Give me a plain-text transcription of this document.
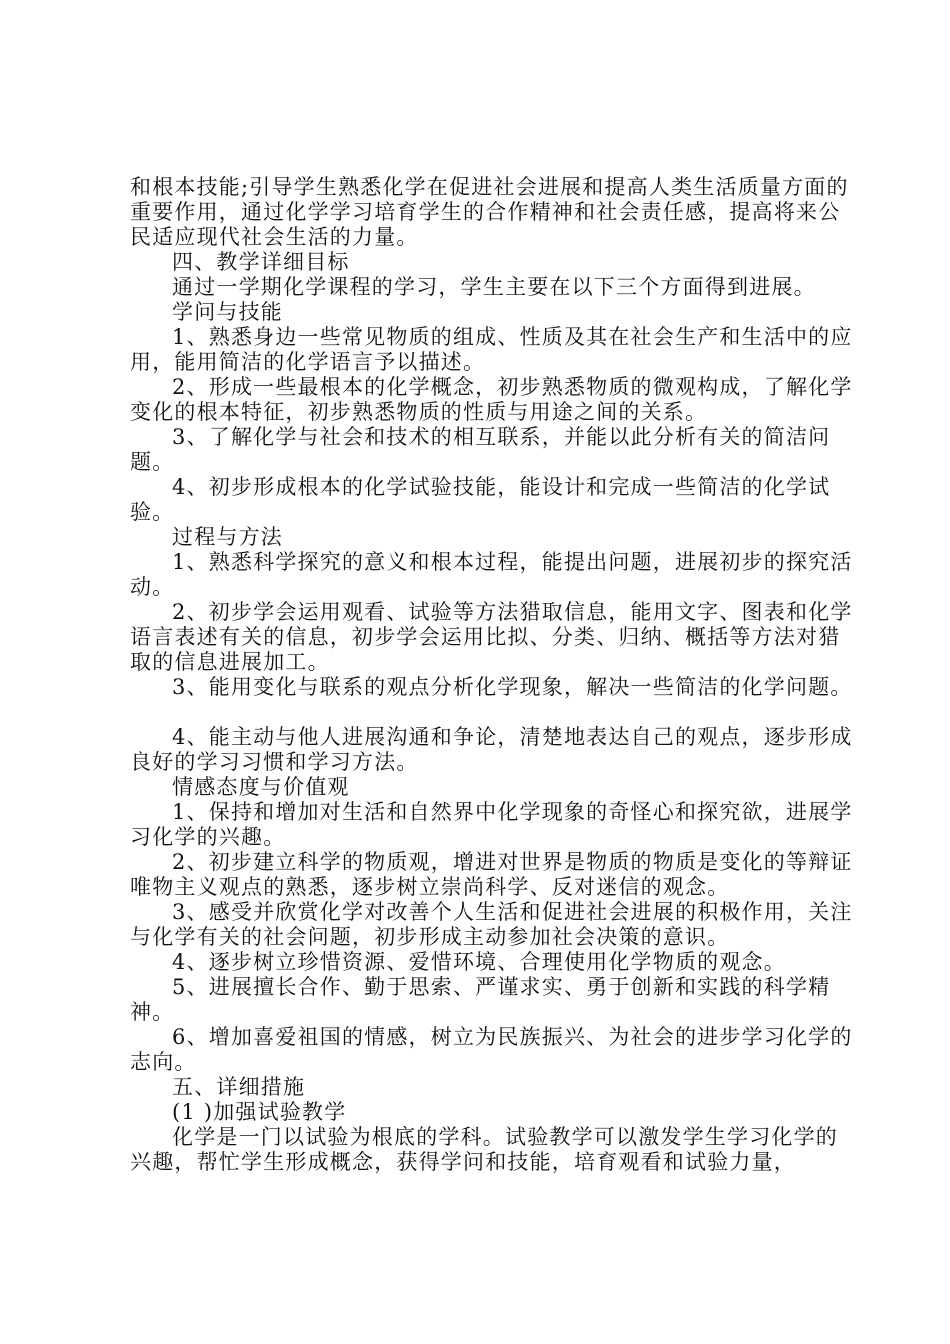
和根本技能;引导学生熟悉化学在促进社会进展和提高人类生活质量方面的重要作用，通过化学学习培育学生的合作精神和社会责任感，提高将来公民适应现代社会生活的力量。

四、教学详细目标

通过一学期化学课程的学习，学生主要在以下三个方面得到进展。

学问与技能

1、熟悉身边一些常见物质的组成、性质及其在社会生产和生活中的应用，能用简洁的化学语言予以描述。

2、形成一些最根本的化学概念，初步熟悉物质的微观构成，了解化学变化的根本特征，初步熟悉物质的性质与用途之间的关系。

3、了解化学与社会和技术的相互联系，并能以此分析有关的简洁问题。

4、初步形成根本的化学试验技能，能设计和完成一些简洁的化学试验。

过程与方法

1、熟悉科学探究的意义和根本过程，能提出问题，进展初步的探究活动。

2、初步学会运用观看、试验等方法猎取信息，能用文字、图表和化学语言表述有关的信息，初步学会运用比拟、分类、归纳、概括等方法对猎取的信息进展加工。

3、能用变化与联系的观点分析化学现象，解决一些简洁的化学问题。

4、能主动与他人进展沟通和争论，清楚地表达自己的观点，逐步形成良好的学习习惯和学习方法。

情感态度与价值观

1、保持和增加对生活和自然界中化学现象的奇怪心和探究欲，进展学习化学的兴趣。

2、初步建立科学的物质观，增进对世界是物质的物质是变化的等辩证唯物主义观点的熟悉，逐步树立崇尚科学、反对迷信的观念。

3、感受并欣赏化学对改善个人生活和促进社会进展的积极作用，关注与化学有关的社会问题，初步形成主动参加社会决策的意识。

4、逐步树立珍惜资源、爱惜环境、合理使用化学物质的观念。

5、进展擅长合作、勤于思索、严谨求实、勇于创新和实践的科学精神。

6、增加喜爱祖国的情感，树立为民族振兴、为社会的进步学习化学的志向。

五、详细措施

(1 )加强试验教学

化学是一门以试验为根底的学科。试验教学可以激发学生学习化学的兴趣，帮忙学生形成概念，获得学问和技能，培育观看和试验力量，
